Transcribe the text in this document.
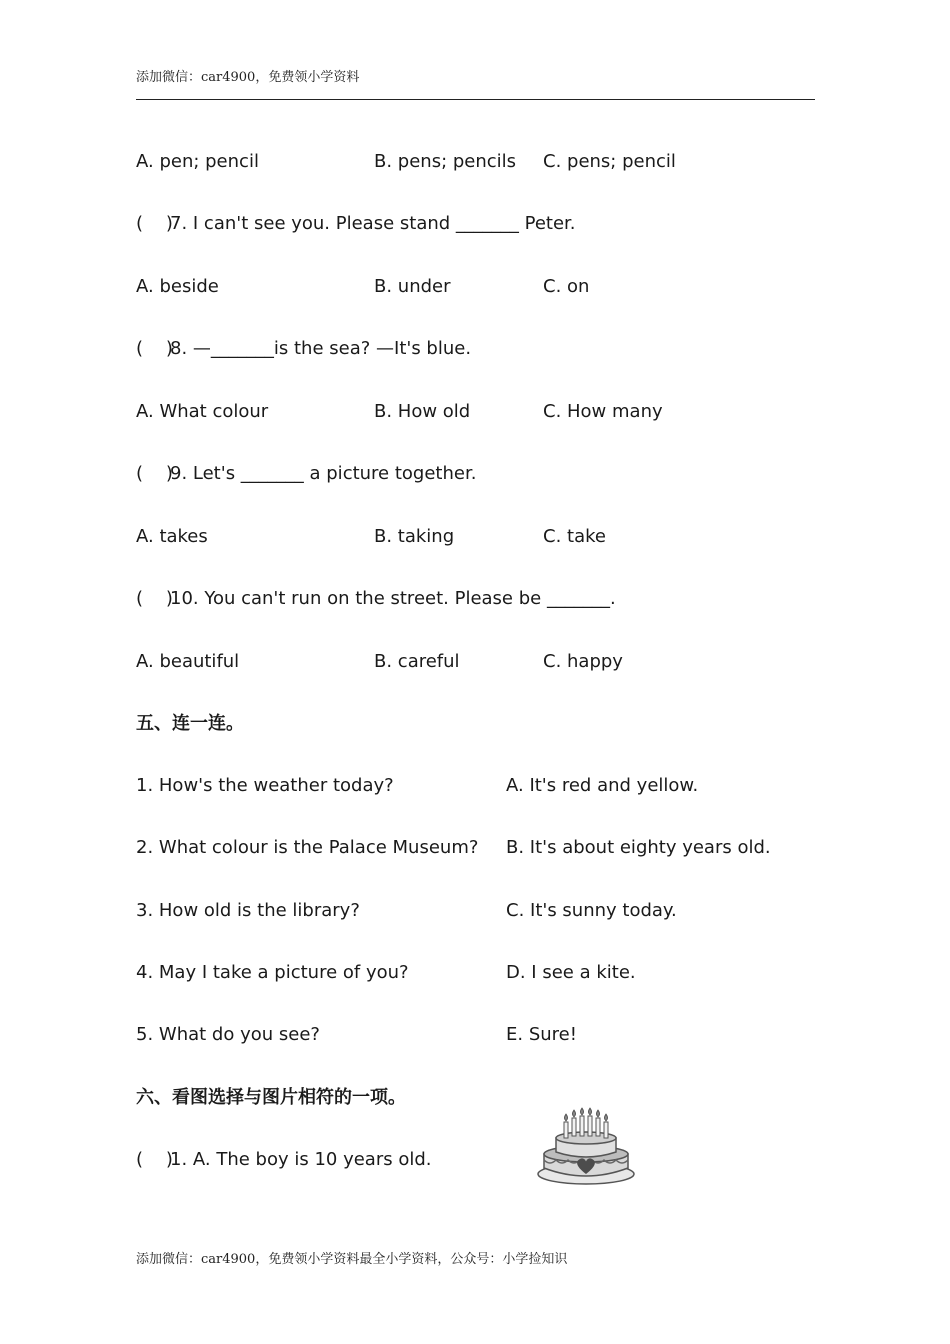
添加微信：car4900，免费领小学资料
A. pen; pencil	B. pens; pencils C. pens; pencil
(    )7. I can't see you. Please stand _______ Peter.
A. beside	B. under	C. on
(    )8. —_______is the sea? —It's blue.
A. What colour	B. How old	C. How many
(    )9. Let's _______ a picture together.
A. takes	B. taking	C. take
(    )10. You can't run on the street. Please be _______.
A. beautiful	B. careful	C. happy
五、连一连。
1. How's the weather today?	A. It's red and yellow.
2. What colour is the Palace Museum? B. It's about eighty years old.
3. How old is the library?	C. It's sunny today.
4. May I take a picture of you?	D. I see a kite.
5. What do you see?	E. Sure!
六、看图选择与图片相符的一项。
(    )1. A. The boy is 10 years old.
添加微信：car4900，免费领小学资料最全小学资料，公众号：小学捡知识
